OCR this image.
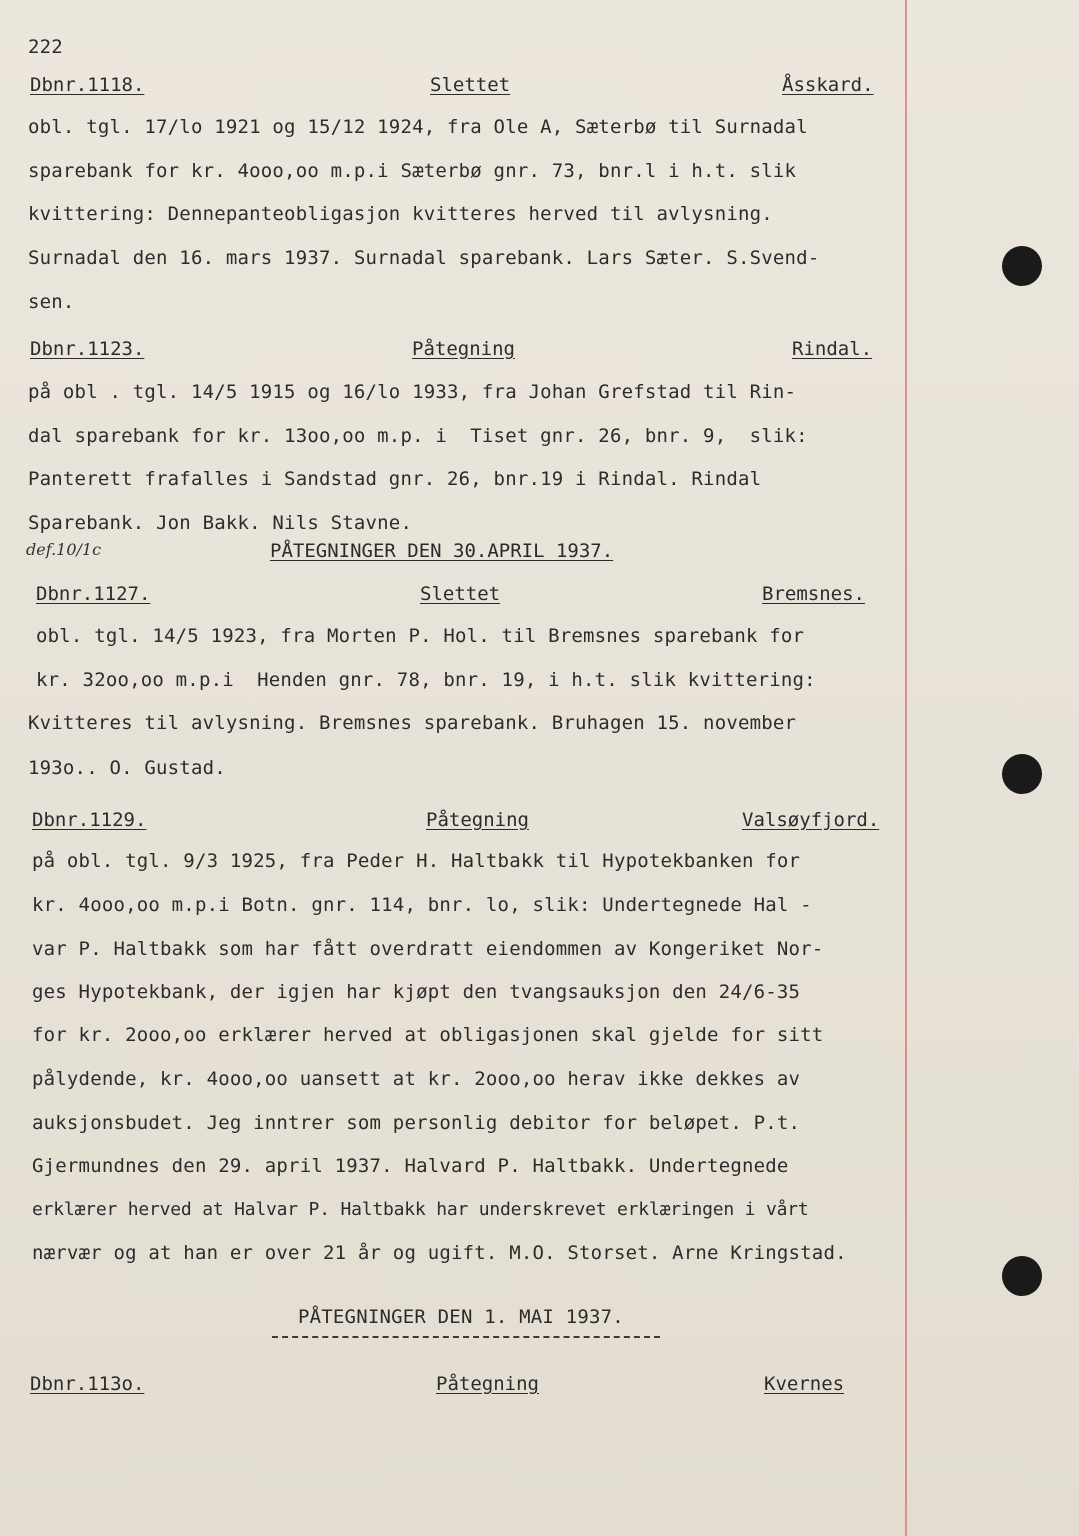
222
Dbnr.1118.	Slettet	Åsskard.
obl. tgl. 17/lo 1921 og 15/12 1924, fra Ole A, Sæterbø til Surnadal
sparebank for kr. 4ooo,oo m.p.i Sæterbø gnr. 73, bnr.l i h.t. slik
kvittering: Dennepanteobligasjon kvitteres herved til avlysning.
Surnadal den 16. mars 1937. Surnadal sparebank. Lars Sæter. S.Svend-
sen.
Dbnr.1123.	Påtegning	Rindal.
på obl . tgl. 14/5 1915 og 16/lo 1933, fra Johan Grefstad til Rin-
dal sparebank for kr. 13oo,oo m.p. i  Tiset gnr. 26, bnr. 9,  slik:
Panterett frafalles i Sandstad gnr. 26, bnr.19 i Rindal. Rindal
Sparebank. Jon Bakk. Nils Stavne.
def.10/1c	PÅTEGNINGER DEN 30.APRIL 1937.
Dbnr.1127.	Slettet	Bremsnes.
obl. tgl. 14/5 1923, fra Morten P. Hol. til Bremsnes sparebank for
kr. 32oo,oo m.p.i  Henden gnr. 78, bnr. 19, i h.t. slik kvittering:
Kvitteres til avlysning. Bremsnes sparebank. Bruhagen 15. november
193o.. O. Gustad.
Dbnr.1129.	Påtegning	Valsøyfjord.
på obl. tgl. 9/3 1925, fra Peder H. Haltbakk til Hypotekbanken for
kr. 4ooo,oo m.p.i Botn. gnr. 114, bnr. lo, slik: Undertegnede Hal -
var P. Haltbakk som har fått overdratt eiendommen av Kongeriket Nor-
ges Hypotekbank, der igjen har kjøpt den tvangsauksjon den 24/6-35
for kr. 2ooo,oo erklærer herved at obligasjonen skal gjelde for sitt
pålydende, kr. 4ooo,oo uansett at kr. 2ooo,oo herav ikke dekkes av
auksjonsbudet. Jeg inntrer som personlig debitor for beløpet. P.t.
Gjermundnes den 29. april 1937. Halvard P. Haltbakk. Undertegnede
erklærer herved at Halvar P. Haltbakk har underskrevet erklæringen i vårt
nærvær og at han er over 21 år og ugift. M.O. Storset. Arne Kringstad.
PÅTEGNINGER DEN 1. MAI 1937.
Dbnr.113o.	Påtegning	Kvernes
